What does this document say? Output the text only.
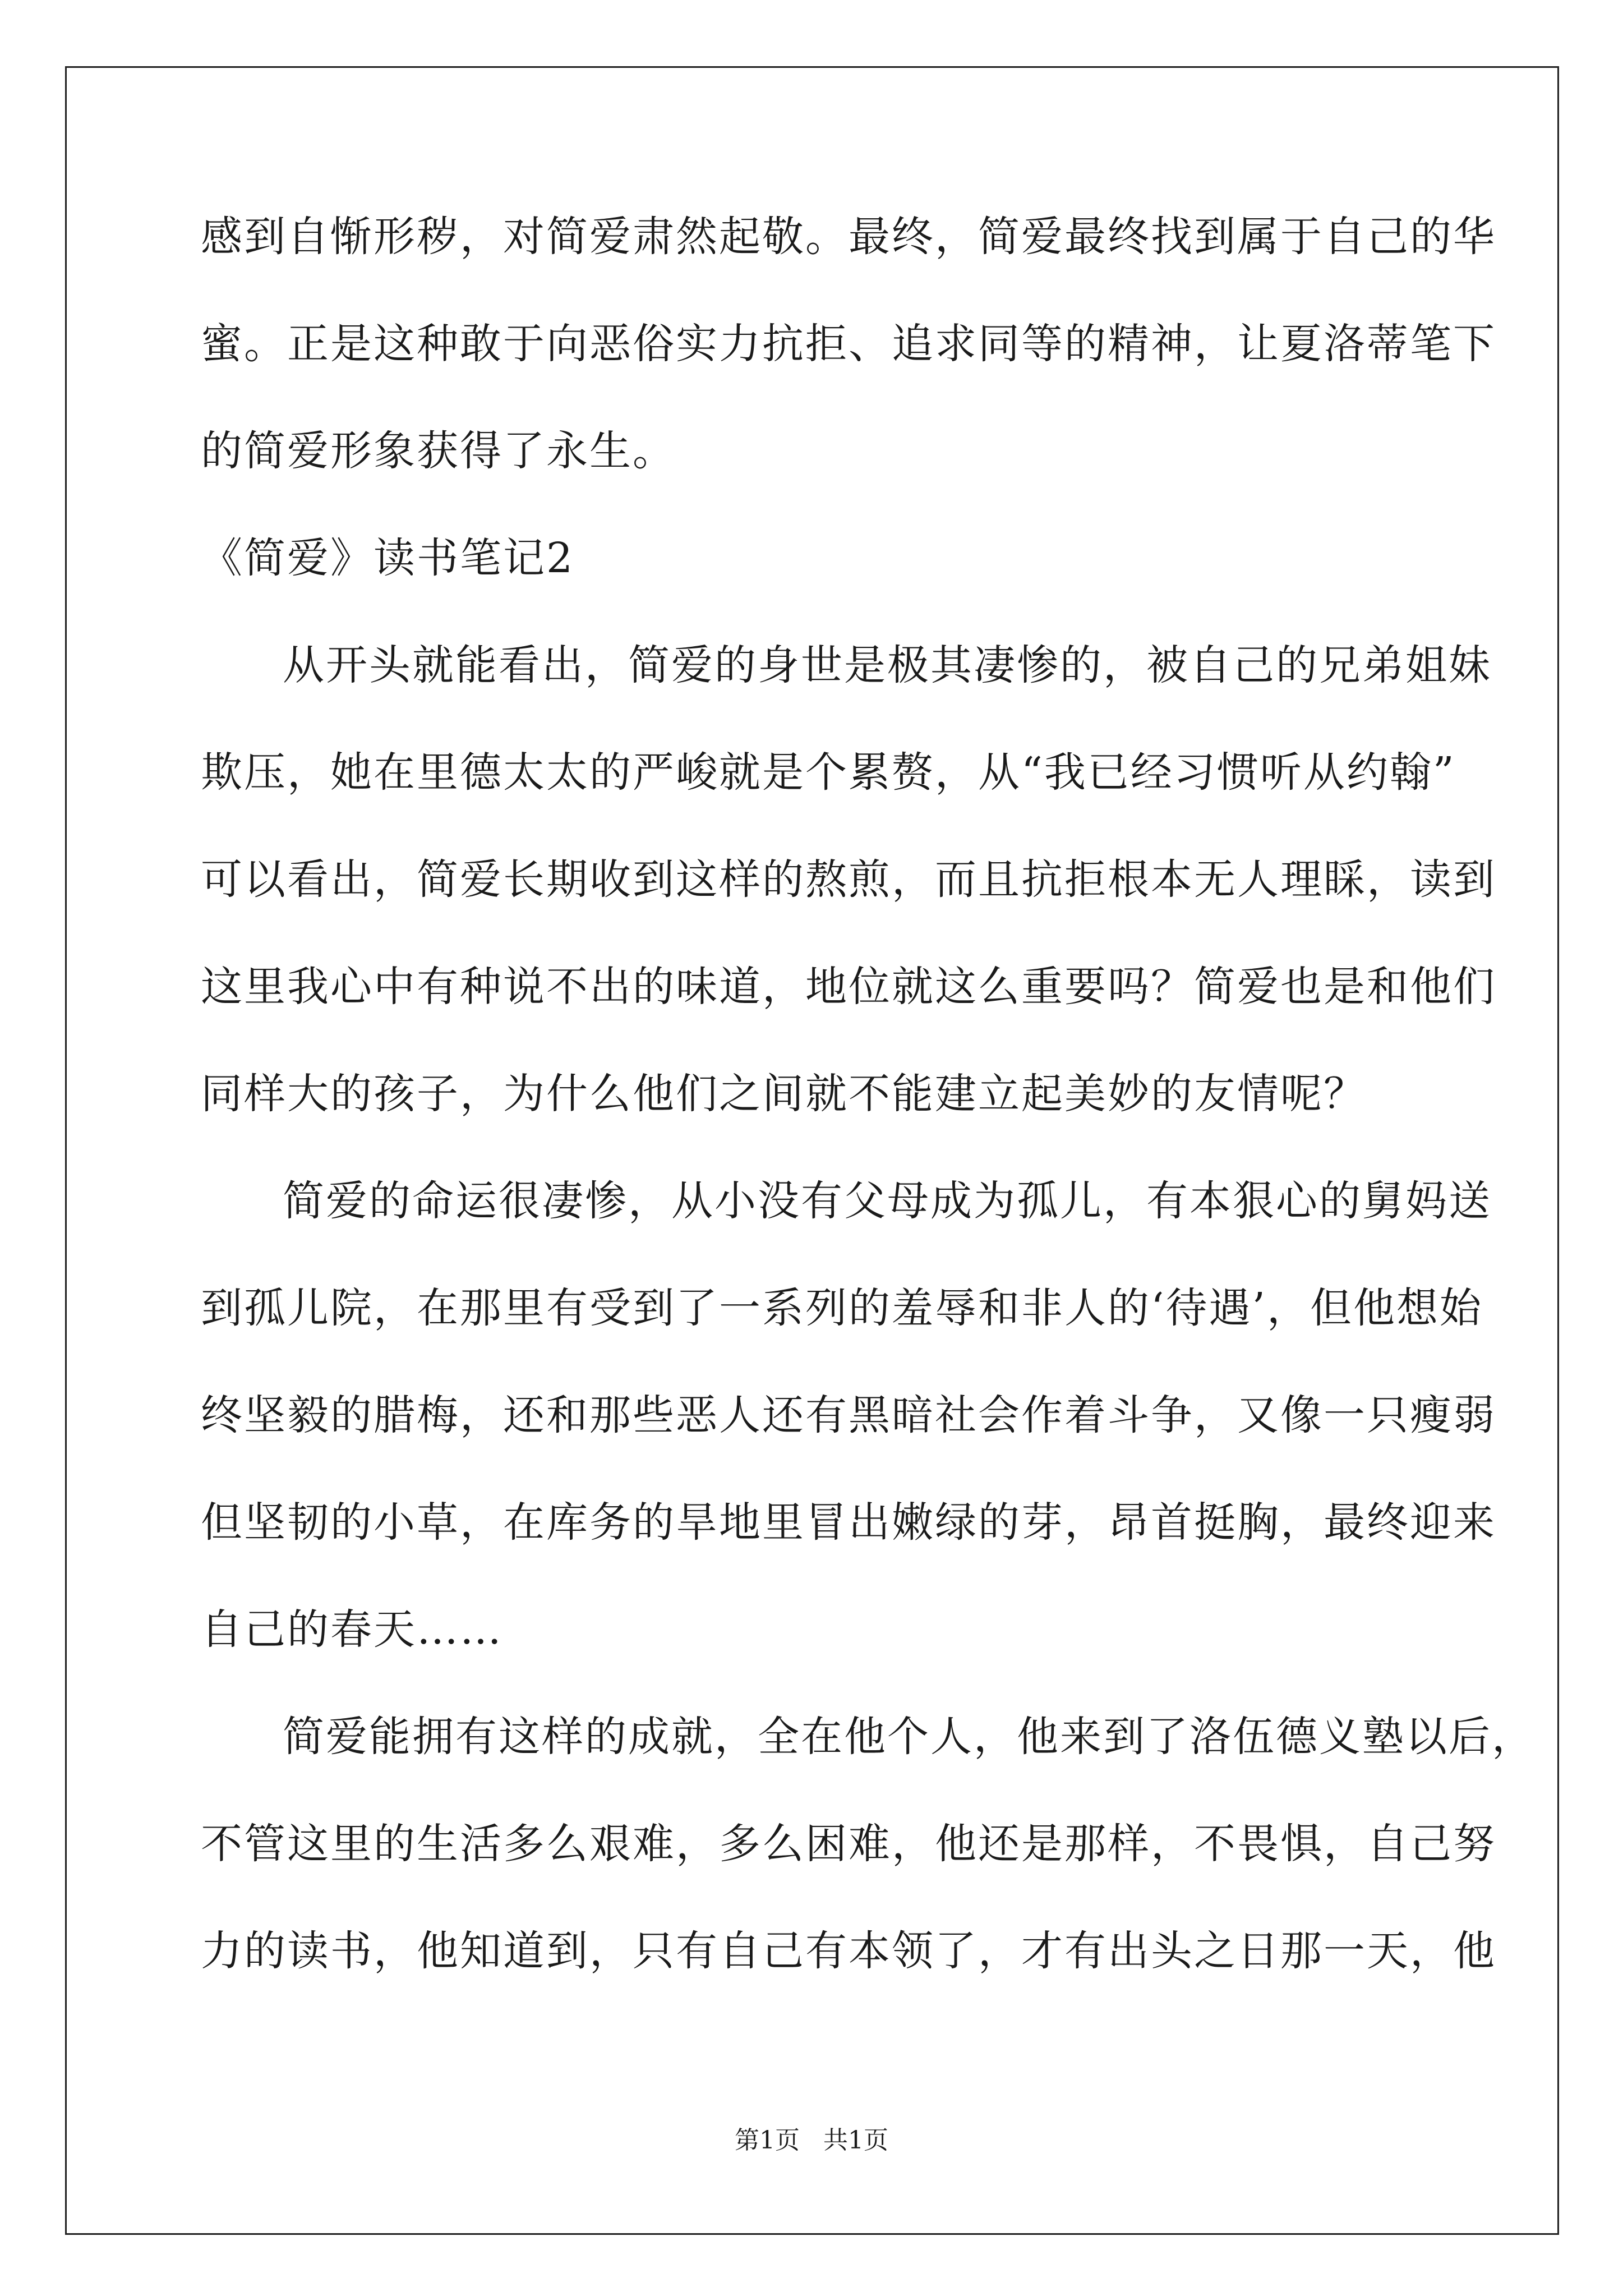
感到自惭形秽，对简爱肃然起敬。最终，简爱最终找到属于自己的华
蜜。正是这种敢于向恶俗实力抗拒、追求同等的精神，让夏洛蒂笔下
的简爱形象获得了永生。
《简爱》读书笔记2
从开头就能看出，简爱的身世是极其凄惨的，被自己的兄弟姐妹
欺压，她在里德太太的严峻就是个累赘，从“我已经习惯听从约翰”
可以看出，简爱长期收到这样的熬煎，而且抗拒根本无人理睬，读到
这里我心中有种说不出的味道，地位就这么重要吗？简爱也是和他们
同样大的孩子，为什么他们之间就不能建立起美妙的友情呢？
简爱的命运很凄惨，从小没有父母成为孤儿，有本狠心的舅妈送
到孤儿院，在那里有受到了一系列的羞辱和非人的‘待遇’，但他想始
终坚毅的腊梅，还和那些恶人还有黑暗社会作着斗争，又像一只瘦弱
但坚韧的小草，在库务的旱地里冒出嫩绿的芽，昂首挺胸，最终迎来
自己的春天……
简爱能拥有这样的成就，全在他个人，他来到了洛伍德义塾以后，
不管这里的生活多么艰难，多么困难，他还是那样，不畏惧，自己努
力的读书，他知道到，只有自己有本领了，才有出头之日那一天，他
第1页   共1页
